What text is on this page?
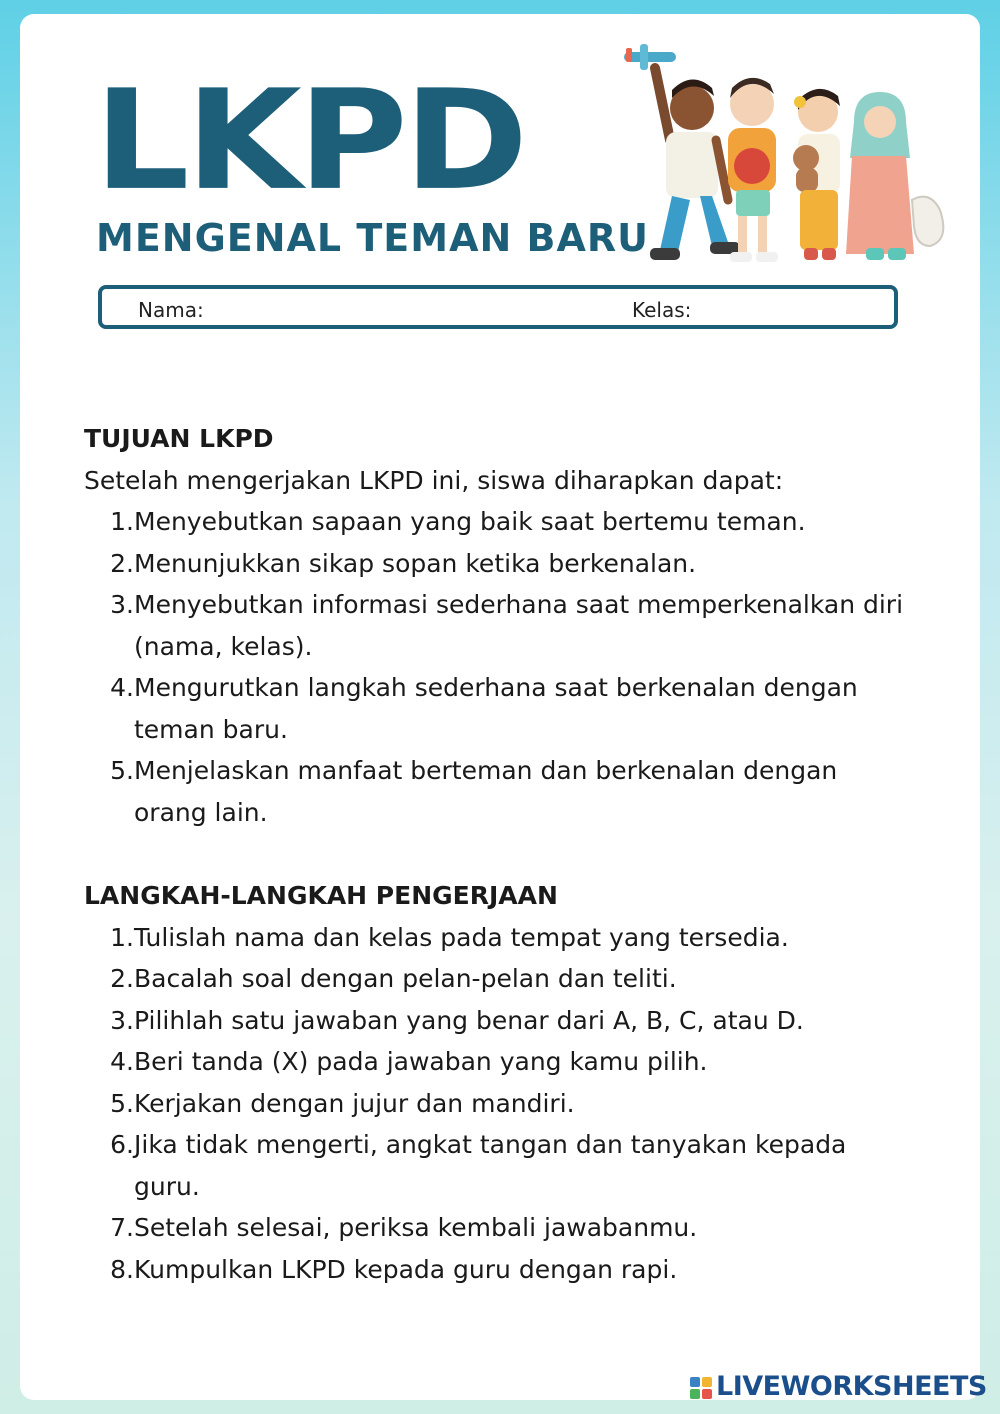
LKPD
MENGENAL TEMAN BARU
Nama:	Kelas:
TUJUAN LKPD

Setelah mengerjakan LKPD ini, siswa diharapkan dapat:

1. Menyebutkan sapaan yang baik saat bertemu teman.
2. Menunjukkan sikap sopan ketika berkenalan.
3. Menyebutkan informasi sederhana saat memperkenalkan diri (nama, kelas).
4. Mengurutkan langkah sederhana saat berkenalan dengan teman baru.
5. Menjelaskan manfaat berteman dan berkenalan dengan orang lain.
LANGKAH-LANGKAH PENGERJAAN
1. Tulislah nama dan kelas pada tempat yang tersedia.
2. Bacalah soal dengan pelan-pelan dan teliti.
3. Pilihlah satu jawaban yang benar dari A, B, C, atau D.
4. Beri tanda (X) pada jawaban yang kamu pilih.
5. Kerjakan dengan jujur dan mandiri.
6. Jika tidak mengerti, angkat tangan dan tanyakan kepada guru.
7. Setelah selesai, periksa kembali jawabanmu.
8. Kumpulkan LKPD kepada guru dengan rapi.
LIVEWORKSHEETS
